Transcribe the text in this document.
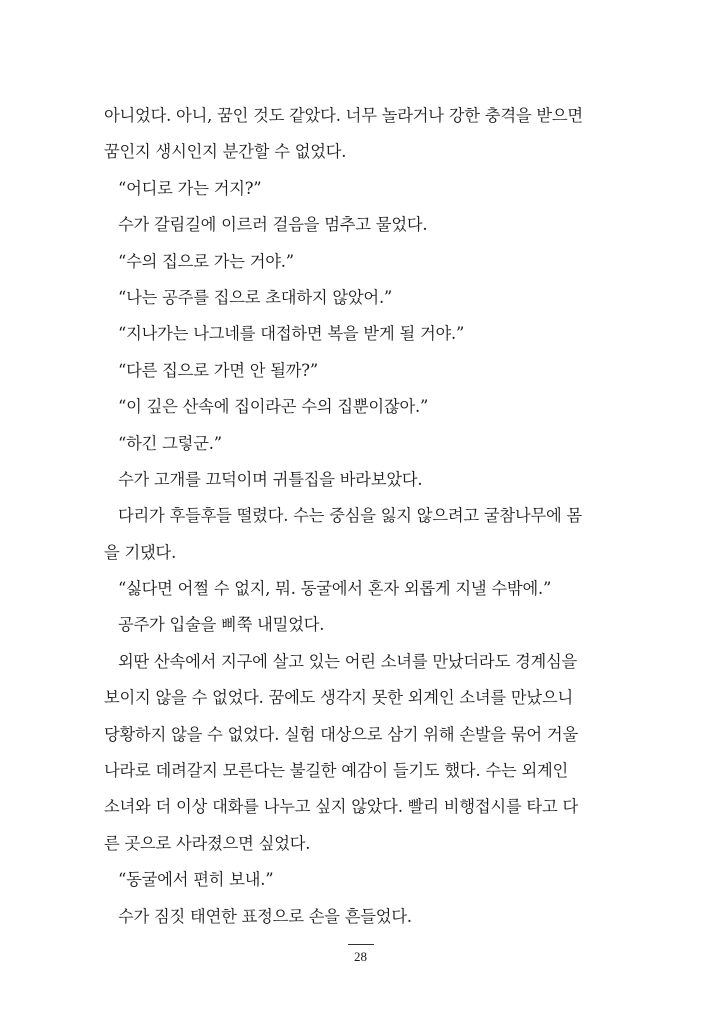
아니었다. 아니, 꿈인 것도 같았다. 너무 놀라거나 강한 충격을 받으면

꿈인지 생시인지 분간할 수 없었다.

“어디로 가는 거지?”

수가 갈림길에 이르러 걸음을 멈추고 물었다.

“수의 집으로 가는 거야.”

“나는 공주를 집으로 초대하지 않았어.”

“지나가는 나그네를 대접하면 복을 받게 될 거야.”

“다른 집으로 가면 안 될까?”

“이 깊은 산속에 집이라곤 수의 집뿐이잖아.”

“하긴 그렇군.”

수가 고개를 끄덕이며 귀틀집을 바라보았다.

다리가 후들후들 떨렸다. 수는 중심을 잃지 않으려고 굴참나무에 몸

을 기댔다.

“싫다면 어쩔 수 없지, 뭐. 동굴에서 혼자 외롭게 지낼 수밖에.”

공주가 입술을 삐쭉 내밀었다.

외딴 산속에서 지구에 살고 있는 어린 소녀를 만났더라도 경계심을

보이지 않을 수 없었다. 꿈에도 생각지 못한 외계인 소녀를 만났으니

당황하지 않을 수 없었다. 실험 대상으로 삼기 위해 손발을 묶어 거울

나라로 데려갈지 모른다는 불길한 예감이 들기도 했다. 수는 외계인

소녀와 더 이상 대화를 나누고 싶지 않았다. 빨리 비행접시를 타고 다

른 곳으로 사라졌으면 싶었다.

“동굴에서 편히 보내.”

수가 짐짓 태연한 표정으로 손을 흔들었다.

28
